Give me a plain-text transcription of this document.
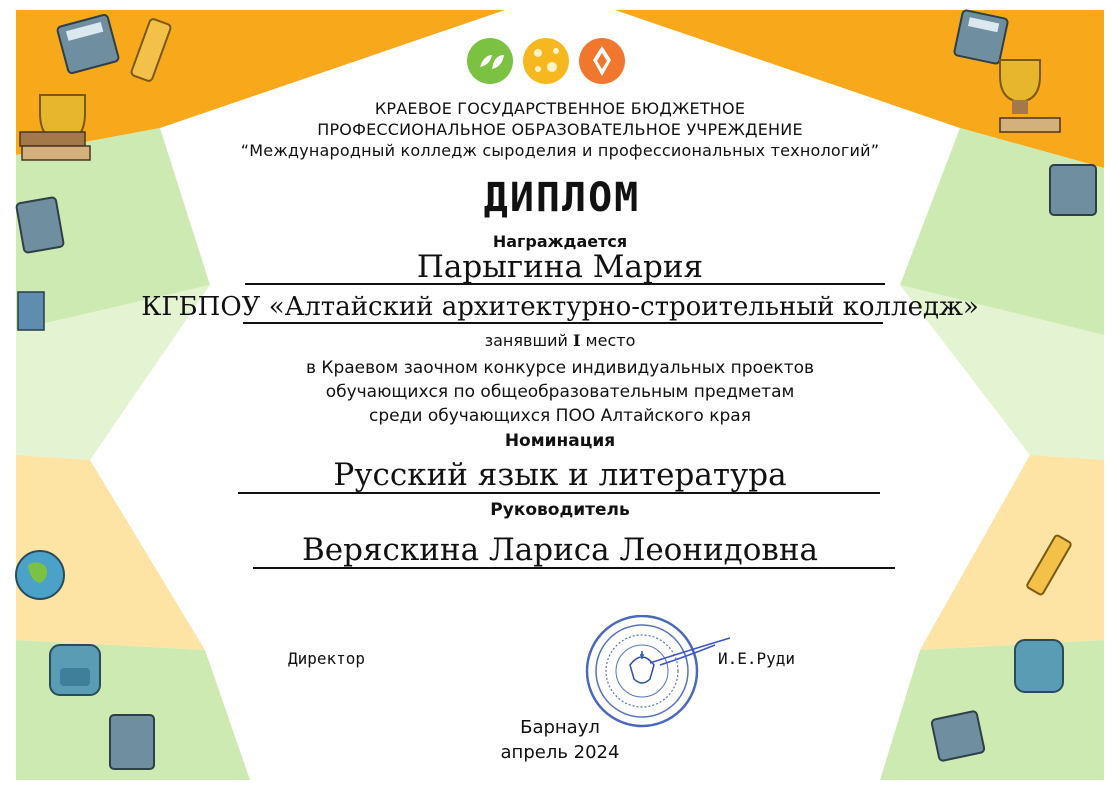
КРАЕВОЕ ГОСУДАРСТВЕННОЕ БЮДЖЕТНОЕ
ПРОФЕССИОНАЛЬНОЕ ОБРАЗОВАТЕЛЬНОЕ УЧРЕЖДЕНИЕ
“Международный колледж сыроделия и профессиональных технологий”
ДИПЛОМ
Награждается
Парыгина Мария
КГБПОУ «Алтайский архитектурно-строительный колледж»
занявший I место
в Краевом заочном конкурсе индивидуальных проектов
обучающихся по общеобразовательным предметам
среди обучающихся ПОО Алтайского края
Номинация
Русский язык и литература
Руководитель
Веряскина Лариса Леонидовна
Директор	И.Е.Руди
Барнаул
апрель 2024
